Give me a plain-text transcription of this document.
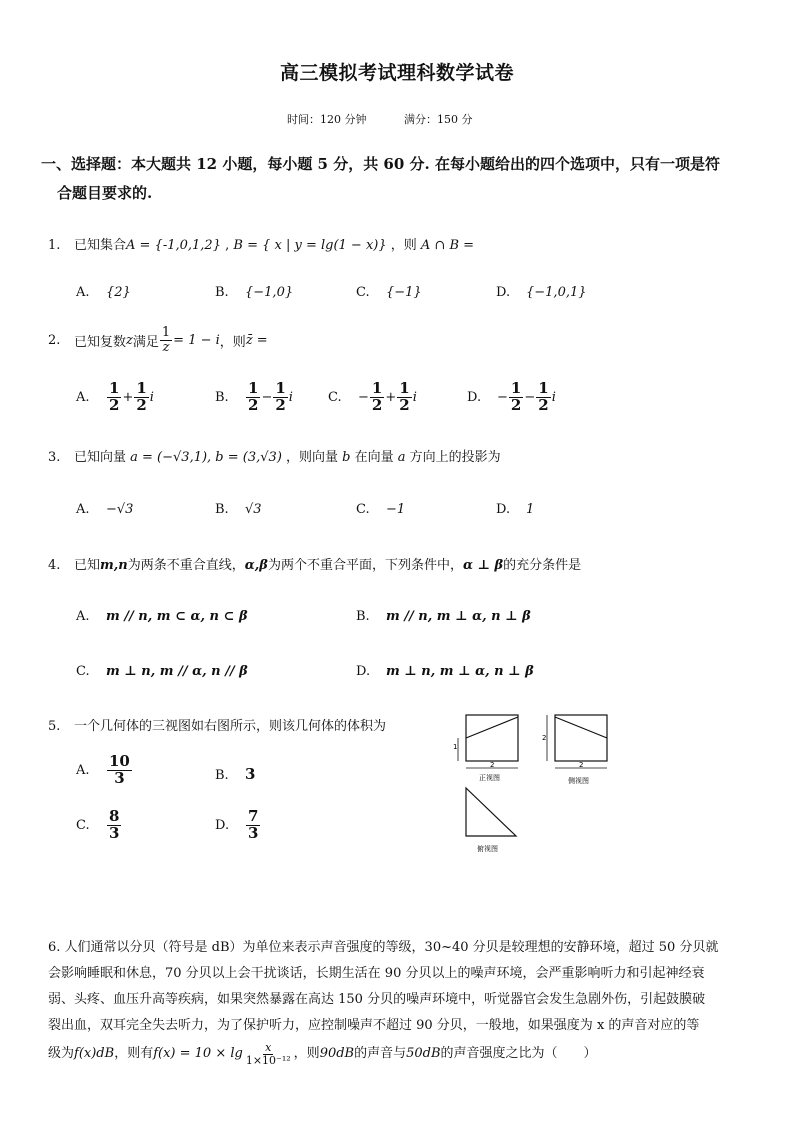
高三模拟考试理科数学试卷
时间：120 分钟	满分：150 分
一、选择题：本大题共 12 小题，每小题 5 分，共 60 分. 在每小题给出的四个选项中，只有一项是符
合题目要求的.
1. 已知集合A = {-1,0,1,2} , B = { x | y = lg(1 − x)} ，则 A ∩ B =
A. {2}	B. {−1,0}	C. {−1}	D. {−1,0,1}
2.	已知复数 z 满足 $\frac{1}{z} = 1 - i$ ，则 z̄ =
A.	$\frac{1}{2} + \frac{1}{2}$ i	B.	$\frac{1}{2} - \frac{1}{2}$ i	C.	− $\frac{1}{2} + \frac{1}{2}$ i	D.	− $\frac{1}{2} - \frac{1}{2}$ i
3. 已知向量 a = (−√3,1), b = (3,√3) ，则向量 b 在向量 a 方向上的投影为
A. −√3	B. √3	C. −1	D. 1
4. 已知m,n为两条不重合直线，α,β为两个不重合平面，下列条件中，α ⊥ β的充分条件是
A. m // n, m ⊂ α, n ⊂ β	B. m // n, m ⊥ α, n ⊥ β
C. m ⊥ n, m // α, n // β	D. m ⊥ n, m ⊥ α, n ⊥ β
5. 一个几何体的三视图如右图所示，则该几何体的体积为
A.	$\frac{10}{3}$	B. 3
C.	$\frac{8}{3}$	D.	$\frac{7}{3}$
1
2
正视图
2
2
侧视图
俯视图
6. 人们通常以分贝（符号是 dB）为单位来表示声音强度的等级，30~40 分贝是较理想的安静环境，超过 50 分贝就
会影响睡眠和休息，70 分贝以上会干扰谈话，长期生活在 90 分贝以上的噪声环境，会严重影响听力和引起神经衰
弱、头疼、血压升高等疾病，如果突然暴露在高达 150 分贝的噪声环境中，听觉器官会发生急剧外伤，引起鼓膜破
裂出血，双耳完全失去听力，为了保护听力，应控制噪声不超过 90 分贝，一般地，如果强度为 x 的声音对应的等
级为 f(x)dB ，则有 $f(x) = 10 \times \lg \frac{x}{\text{1×10⁻¹²}}$ ，则 90dB 的声音与 50dB 的声音强度之比为（　　）
